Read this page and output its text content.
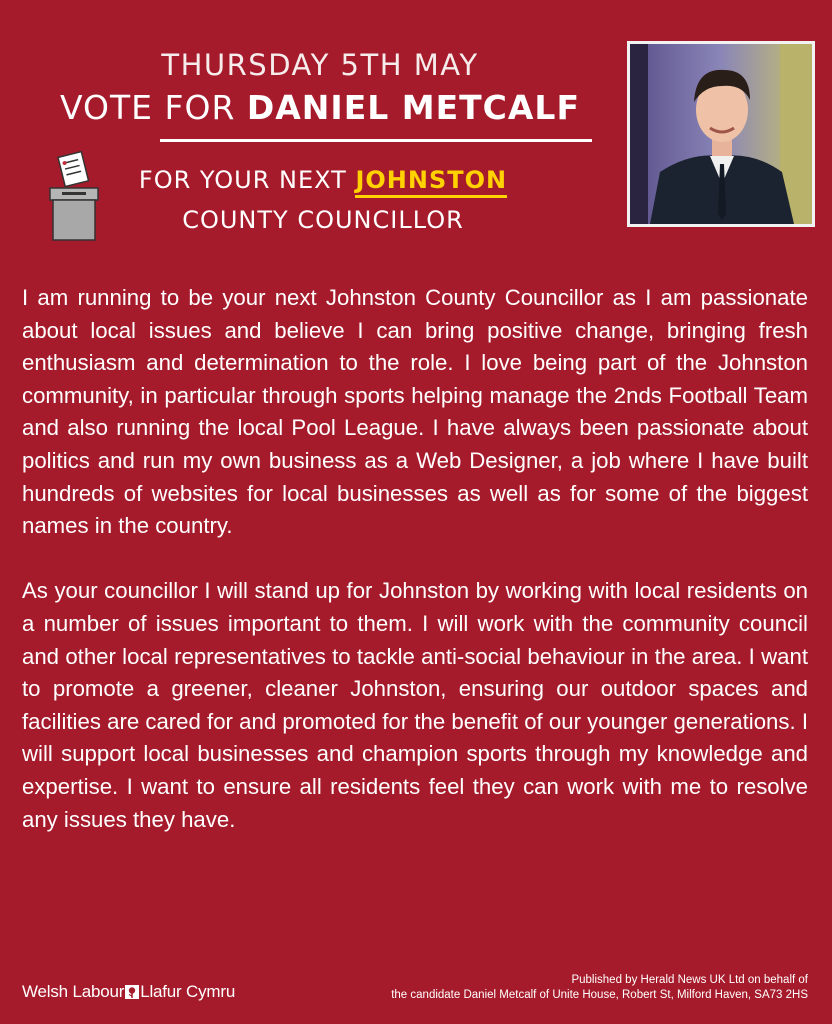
THURSDAY 5TH MAY
VOTE FOR DANIEL METCALF
FOR YOUR NEXT JOHNSTON
COUNTY COUNCILLOR

I am running to be your next Johnston County Councillor as I am passionate about local issues and believe I can bring positive change, bringing fresh enthusiasm and determination to the role. I love being part of the Johnston community, in particular through sports helping manage the 2nds Football Team and also running the local Pool League. I have always been passionate about politics and run my own business as a Web Designer, a job where I have built hundreds of websites for local businesses as well as for some of the biggest names in the country.

As your councillor I will stand up for Johnston by working with local residents on a number of issues important to them. I will work with the community council and other local representatives to tackle anti-social behaviour in the area. I want to promote a greener, cleaner Johnston, ensuring our outdoor spaces and facilities are cared for and promoted for the benefit of our younger generations. I will support local businesses and champion sports through my knowledge and expertise. I want to ensure all residents feel they can work with me to resolve any issues they have.

Welsh Labour Llafur Cymru
Published by Herald News UK Ltd on behalf of
the candidate Daniel Metcalf of Unite House, Robert St, Milford Haven, SA73 2HS
